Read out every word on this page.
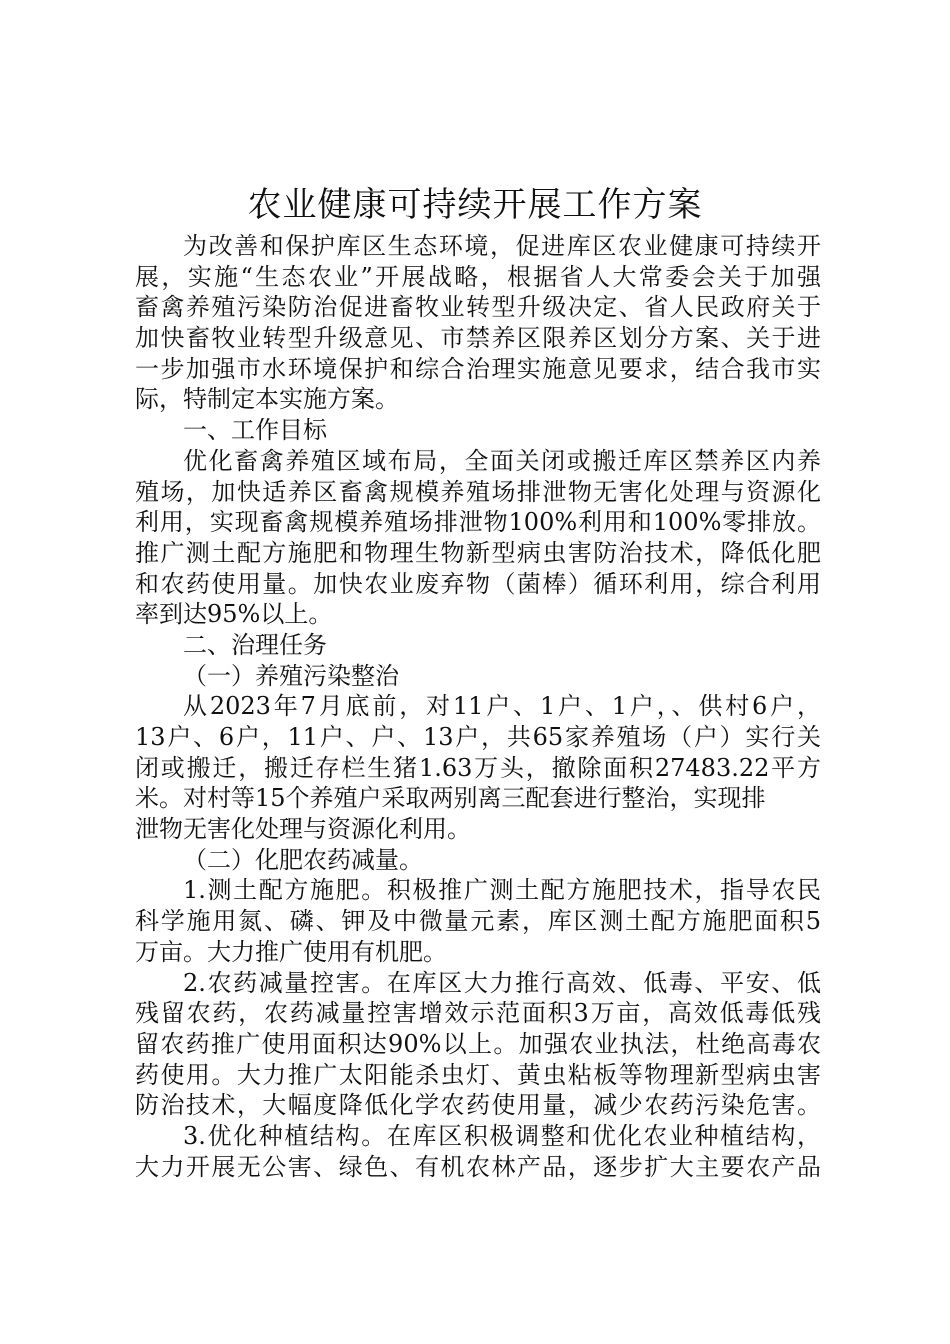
农业健康可持续开展工作方案
为改善和保护库区生态环境，促进库区农业健康可持续开
展，实施“生态农业”开展战略，根据省人大常委会关于加强
畜禽养殖污染防治促进畜牧业转型升级决定、省人民政府关于
加快畜牧业转型升级意见、市禁养区限养区划分方案、关于进
一步加强市水环境保护和综合治理实施意见要求，结合我市实
际，特制定本实施方案。
一、工作目标
优化畜禽养殖区域布局，全面关闭或搬迁库区禁养区内养
殖场，加快适养区畜禽规模养殖场排泄物无害化处理与资源化
利用，实现畜禽规模养殖场排泄物100%利用和100%零排放。
推广测土配方施肥和物理生物新型病虫害防治技术，降低化肥
和农药使用量。加快农业废弃物（菌棒）循环利用，综合利用
率到达95%以上。
二、治理任务
（一）养殖污染整治
从2023年7月底前，对11户、1户、1户，、供村6户，
13户、6户，11户、户、13户，共65家养殖场（户）实行关
闭或搬迁，搬迁存栏生猪1.63万头，撤除面积27483.22平方
米。对村等15个养殖户采取两别离三配套进行整治，实现排
泄物无害化处理与资源化利用。
（二）化肥农药减量。
1.测土配方施肥。积极推广测土配方施肥技术，指导农民
科学施用氮、磷、钾及中微量元素，库区测土配方施肥面积5
万亩。大力推广使用有机肥。
2.农药减量控害。在库区大力推行高效、低毒、平安、低
残留农药，农药减量控害增效示范面积3万亩，高效低毒低残
留农药推广使用面积达90%以上。加强农业执法，杜绝高毒农
药使用。大力推广太阳能杀虫灯、黄虫粘板等物理新型病虫害
防治技术，大幅度降低化学农药使用量，减少农药污染危害。
3.优化种植结构。在库区积极调整和优化农业种植结构，
大力开展无公害、绿色、有机农林产品，逐步扩大主要农产品
